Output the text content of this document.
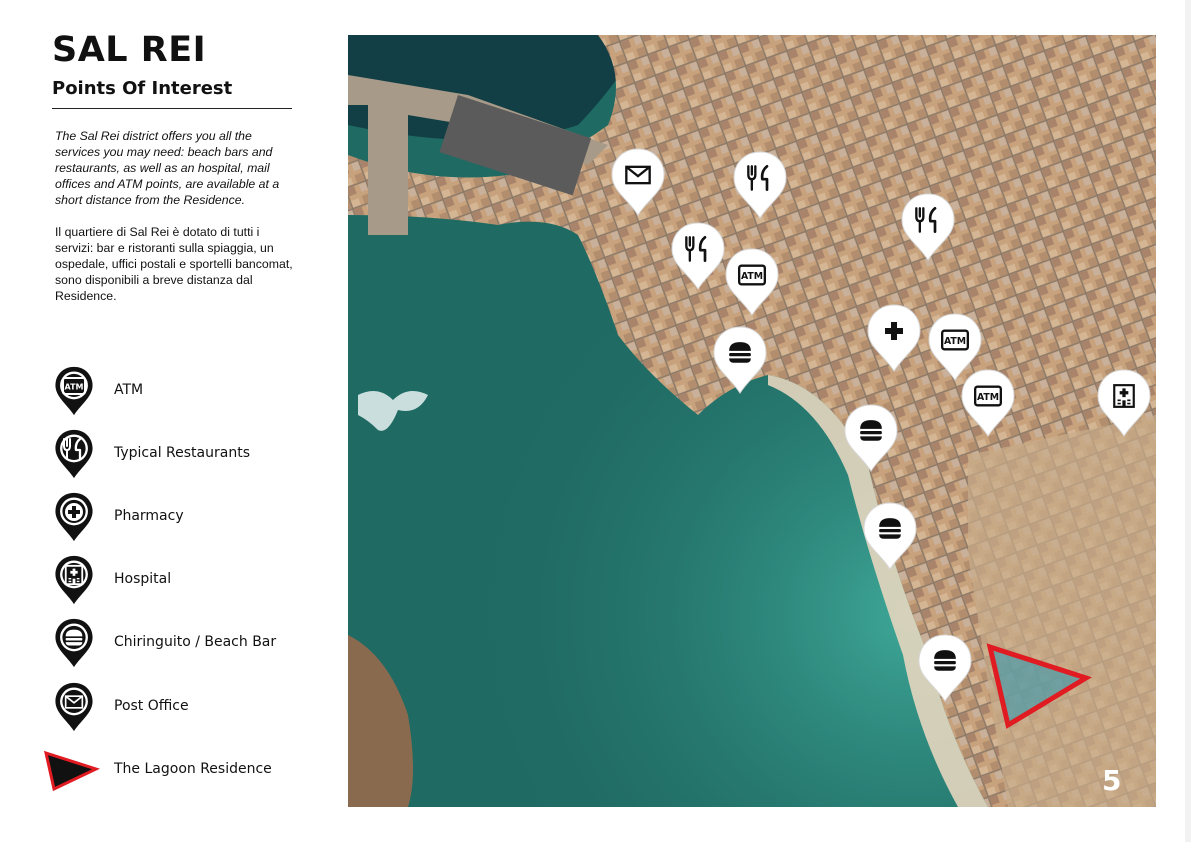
SAL REI
Points Of Interest

The Sal Rei district offers you all the services you may need: beach bars and restaurants, as well as an hospital, mail offices and ATM points, are available at a short distance from the Residence.

Il quartiere di Sal Rei è dotato di tutti i servizi: bar e ristoranti sulla spiaggia, un ospedale, uffici postali e sportelli bancomat, sono disponibili a breve distanza dal Residence.

ATM
Typical Restaurants
Pharmacy
Hospital
Chiringuito / Beach Bar
Post Office
The Lagoon Residence	5
